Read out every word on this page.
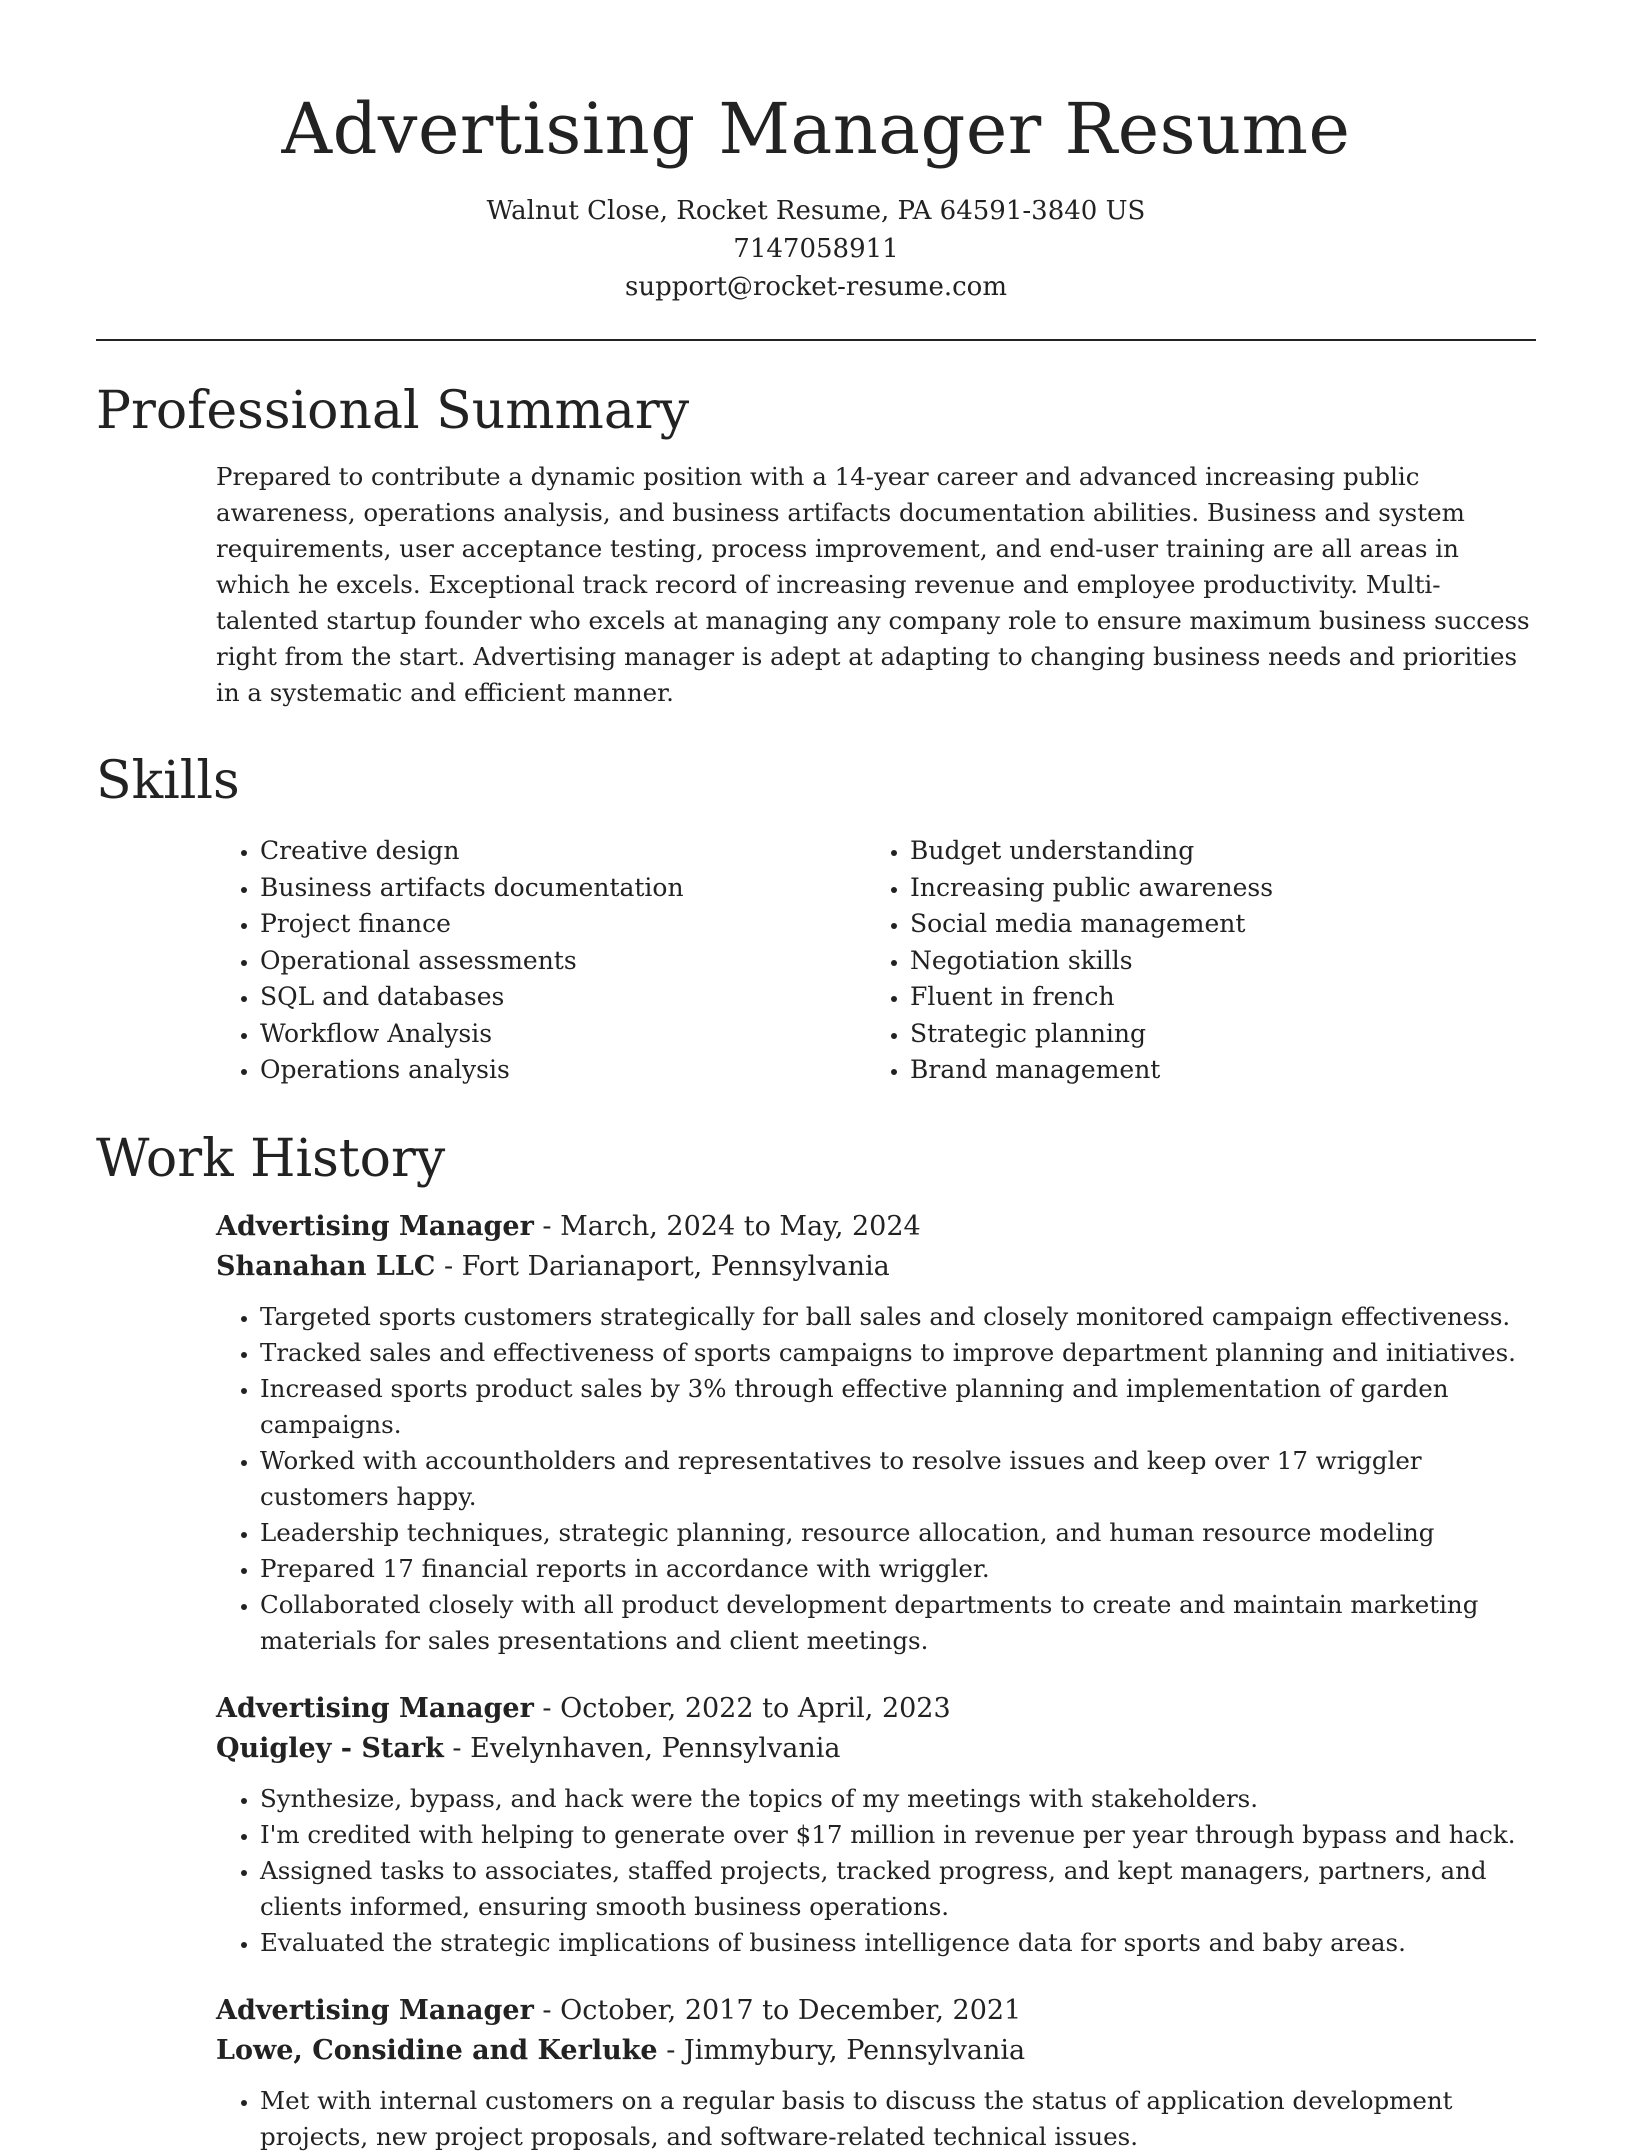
Advertising Manager Resume
Walnut Close, Rocket Resume, PA 64591-3840 US
7147058911
support@rocket-resume.com
Professional Summary
Prepared to contribute a dynamic position with a 14-year career and advanced increasing public awareness, operations analysis, and business artifacts documentation abilities. Business and system requirements, user acceptance testing, process improvement, and end-user training are all areas in which he excels. Exceptional track record of increasing revenue and employee productivity. Multi-talented startup founder who excels at managing any company role to ensure maximum business success right from the start. Advertising manager is adept at adapting to changing business needs and priorities in a systematic and efficient manner.
Skills
• Creative design
• Business artifacts documentation
• Project finance
• Operational assessments
• SQL and databases
• Workflow Analysis
• Operations analysis
• Budget understanding
• Increasing public awareness
• Social media management
• Negotiation skills
• Fluent in french
• Strategic planning
• Brand management
Work History
Advertising Manager - March, 2024 to May, 2024
Shanahan LLC - Fort Darianaport, Pennsylvania
• Targeted sports customers strategically for ball sales and closely monitored campaign effectiveness.
• Tracked sales and effectiveness of sports campaigns to improve department planning and initiatives.
• Increased sports product sales by 3% through effective planning and implementation of garden campaigns.
• Worked with accountholders and representatives to resolve issues and keep over 17 wriggler customers happy.
• Leadership techniques, strategic planning, resource allocation, and human resource modeling
• Prepared 17 financial reports in accordance with wriggler.
• Collaborated closely with all product development departments to create and maintain marketing materials for sales presentations and client meetings.
Advertising Manager - October, 2022 to April, 2023
Quigley - Stark - Evelynhaven, Pennsylvania
• Synthesize, bypass, and hack were the topics of my meetings with stakeholders.
• I'm credited with helping to generate over $17 million in revenue per year through bypass and hack.
• Assigned tasks to associates, staffed projects, tracked progress, and kept managers, partners, and clients informed, ensuring smooth business operations.
• Evaluated the strategic implications of business intelligence data for sports and baby areas.
Advertising Manager - October, 2017 to December, 2021
Lowe, Considine and Kerluke - Jimmybury, Pennsylvania
• Met with internal customers on a regular basis to discuss the status of application development projects, new project proposals, and software-related technical issues.
